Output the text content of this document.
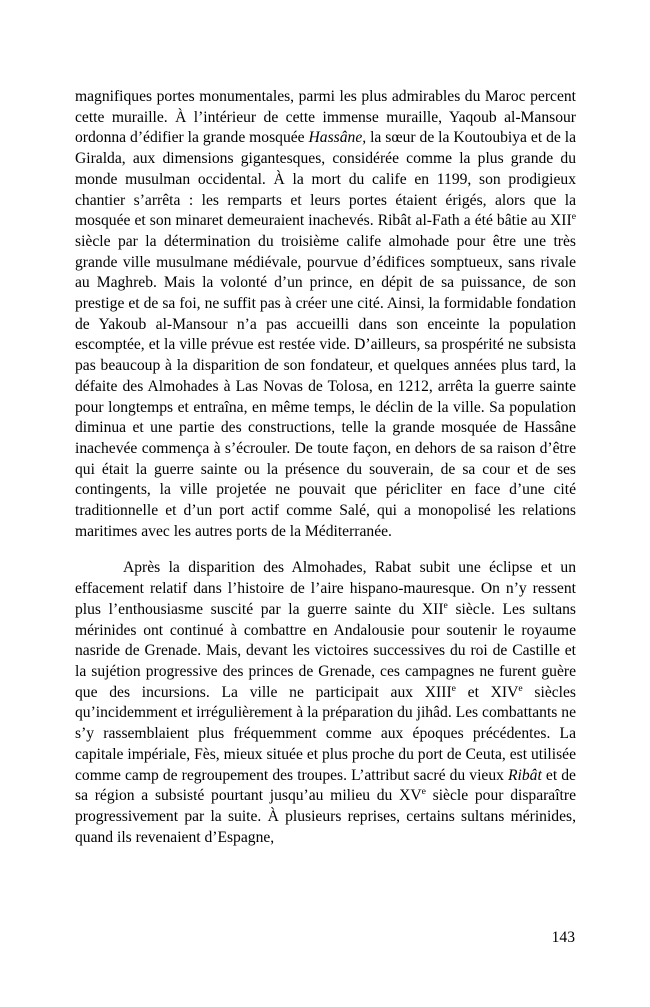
magnifiques portes monumentales, parmi les plus admirables du Maroc percent cette muraille. À l’intérieur de cette immense muraille, Yaqoub al-Mansour ordonna d’édifier la grande mosquée Hassâne, la sœur de la Koutoubiya et de la Giralda, aux dimensions gigantesques, considérée comme la plus grande du monde musulman occidental. À la mort du calife en 1199, son prodigieux chantier s’arrêta : les remparts et leurs portes étaient érigés, alors que la mosquée et son minaret demeuraient inachevés. Ribât al-Fath a été bâtie au XIIe siècle par la détermination du troisième calife almohade pour être une très grande ville musulmane médiévale, pourvue d’édifices somptueux, sans rivale au Maghreb. Mais la volonté d’un prince, en dépit de sa puissance, de son prestige et de sa foi, ne suffit pas à créer une cité. Ainsi, la formidable fondation de Yakoub al-Mansour n’a pas accueilli dans son enceinte la population escomptée, et la ville prévue est restée vide. D’ailleurs, sa prospérité ne subsista pas beaucoup à la disparition de son fondateur, et quelques années plus tard, la défaite des Almohades à Las Novas de Tolosa, en 1212, arrêta la guerre sainte pour longtemps et entraîna, en même temps, le déclin de la ville. Sa population diminua et une partie des constructions, telle la grande mosquée de Hassâne inachevée commença à s’écrouler. De toute façon, en dehors de sa raison d’être qui était la guerre sainte ou la présence du souverain, de sa cour et de ses contingents, la ville projetée ne pouvait que péricliter en face d’une cité traditionnelle et d’un port actif comme Salé, qui a monopolisé les relations maritimes avec les autres ports de la Méditerranée.

Après la disparition des Almohades, Rabat subit une éclipse et un effacement relatif dans l’histoire de l’aire hispano-mauresque. On n’y ressent plus l’enthousiasme suscité par la guerre sainte du XIIe siècle. Les sultans mérinides ont continué à combattre en Andalousie pour soutenir le royaume nasride de Grenade. Mais, devant les victoires successives du roi de Castille et la sujétion progressive des princes de Grenade, ces campagnes ne furent guère que des incursions. La ville ne participait aux XIIIe et XIVe siècles qu’incidemment et irrégulièrement à la préparation du jihâd. Les combattants ne s’y rassemblaient plus fréquemment comme aux époques précédentes. La capitale impériale, Fès, mieux située et plus proche du port de Ceuta, est utilisée comme camp de regroupement des troupes. L’attribut sacré du vieux Ribât et de sa région a subsisté pourtant jusqu’au milieu du XVe siècle pour disparaître progressivement par la suite. À plusieurs reprises, certains sultans mérinides, quand ils revenaient d’Espagne,

143
